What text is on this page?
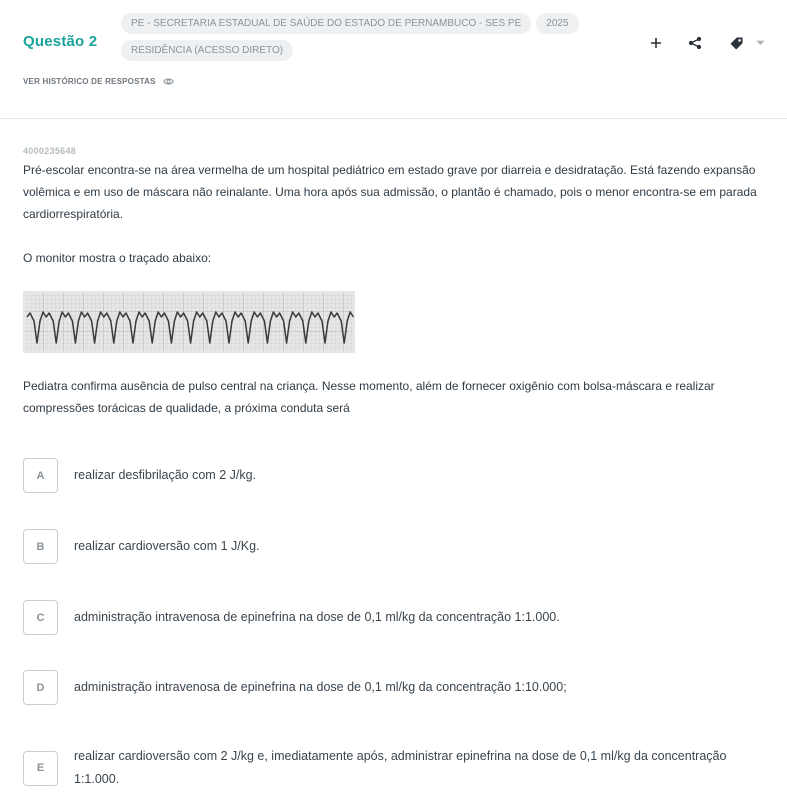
Questão 2
PE - SECRETARIA ESTADUAL DE SAÚDE DO ESTADO DE PERNAMBUCO - SES PE	2025
RESIDÊNCIA (ACESSO DIRETO)
VER HISTÓRICO DE RESPOSTAS
4000235648

Pré-escolar encontra-se na área vermelha de um hospital pediátrico em estado grave por diarreia e desidratação. Está fazendo expansão volêmica e em uso de máscara não reinalante. Uma hora após sua admissão, o plantão é chamado, pois o menor encontra-se em parada cardiorrespiratória.

O monitor mostra o traçado abaixo:

Pediatra confirma ausência de pulso central na criança. Nesse momento, além de fornecer oxigênio com bolsa-máscara e realizar compressões torácicas de qualidade, a próxima conduta será

A	realizar desfibrilação com 2 J/kg.
B	realizar cardioversão com 1 J/Kg.
C	administração intravenosa de epinefrina na dose de 0,1 ml/kg da concentração 1:1.000.
D	administração intravenosa de epinefrina na dose de 0,1 ml/kg da concentração 1:10.000;
E
realizar cardioversão com 2 J/kg e, imediatamente após, administrar epinefrina na dose de 0,1 ml/kg da concentração 1:1.000.
